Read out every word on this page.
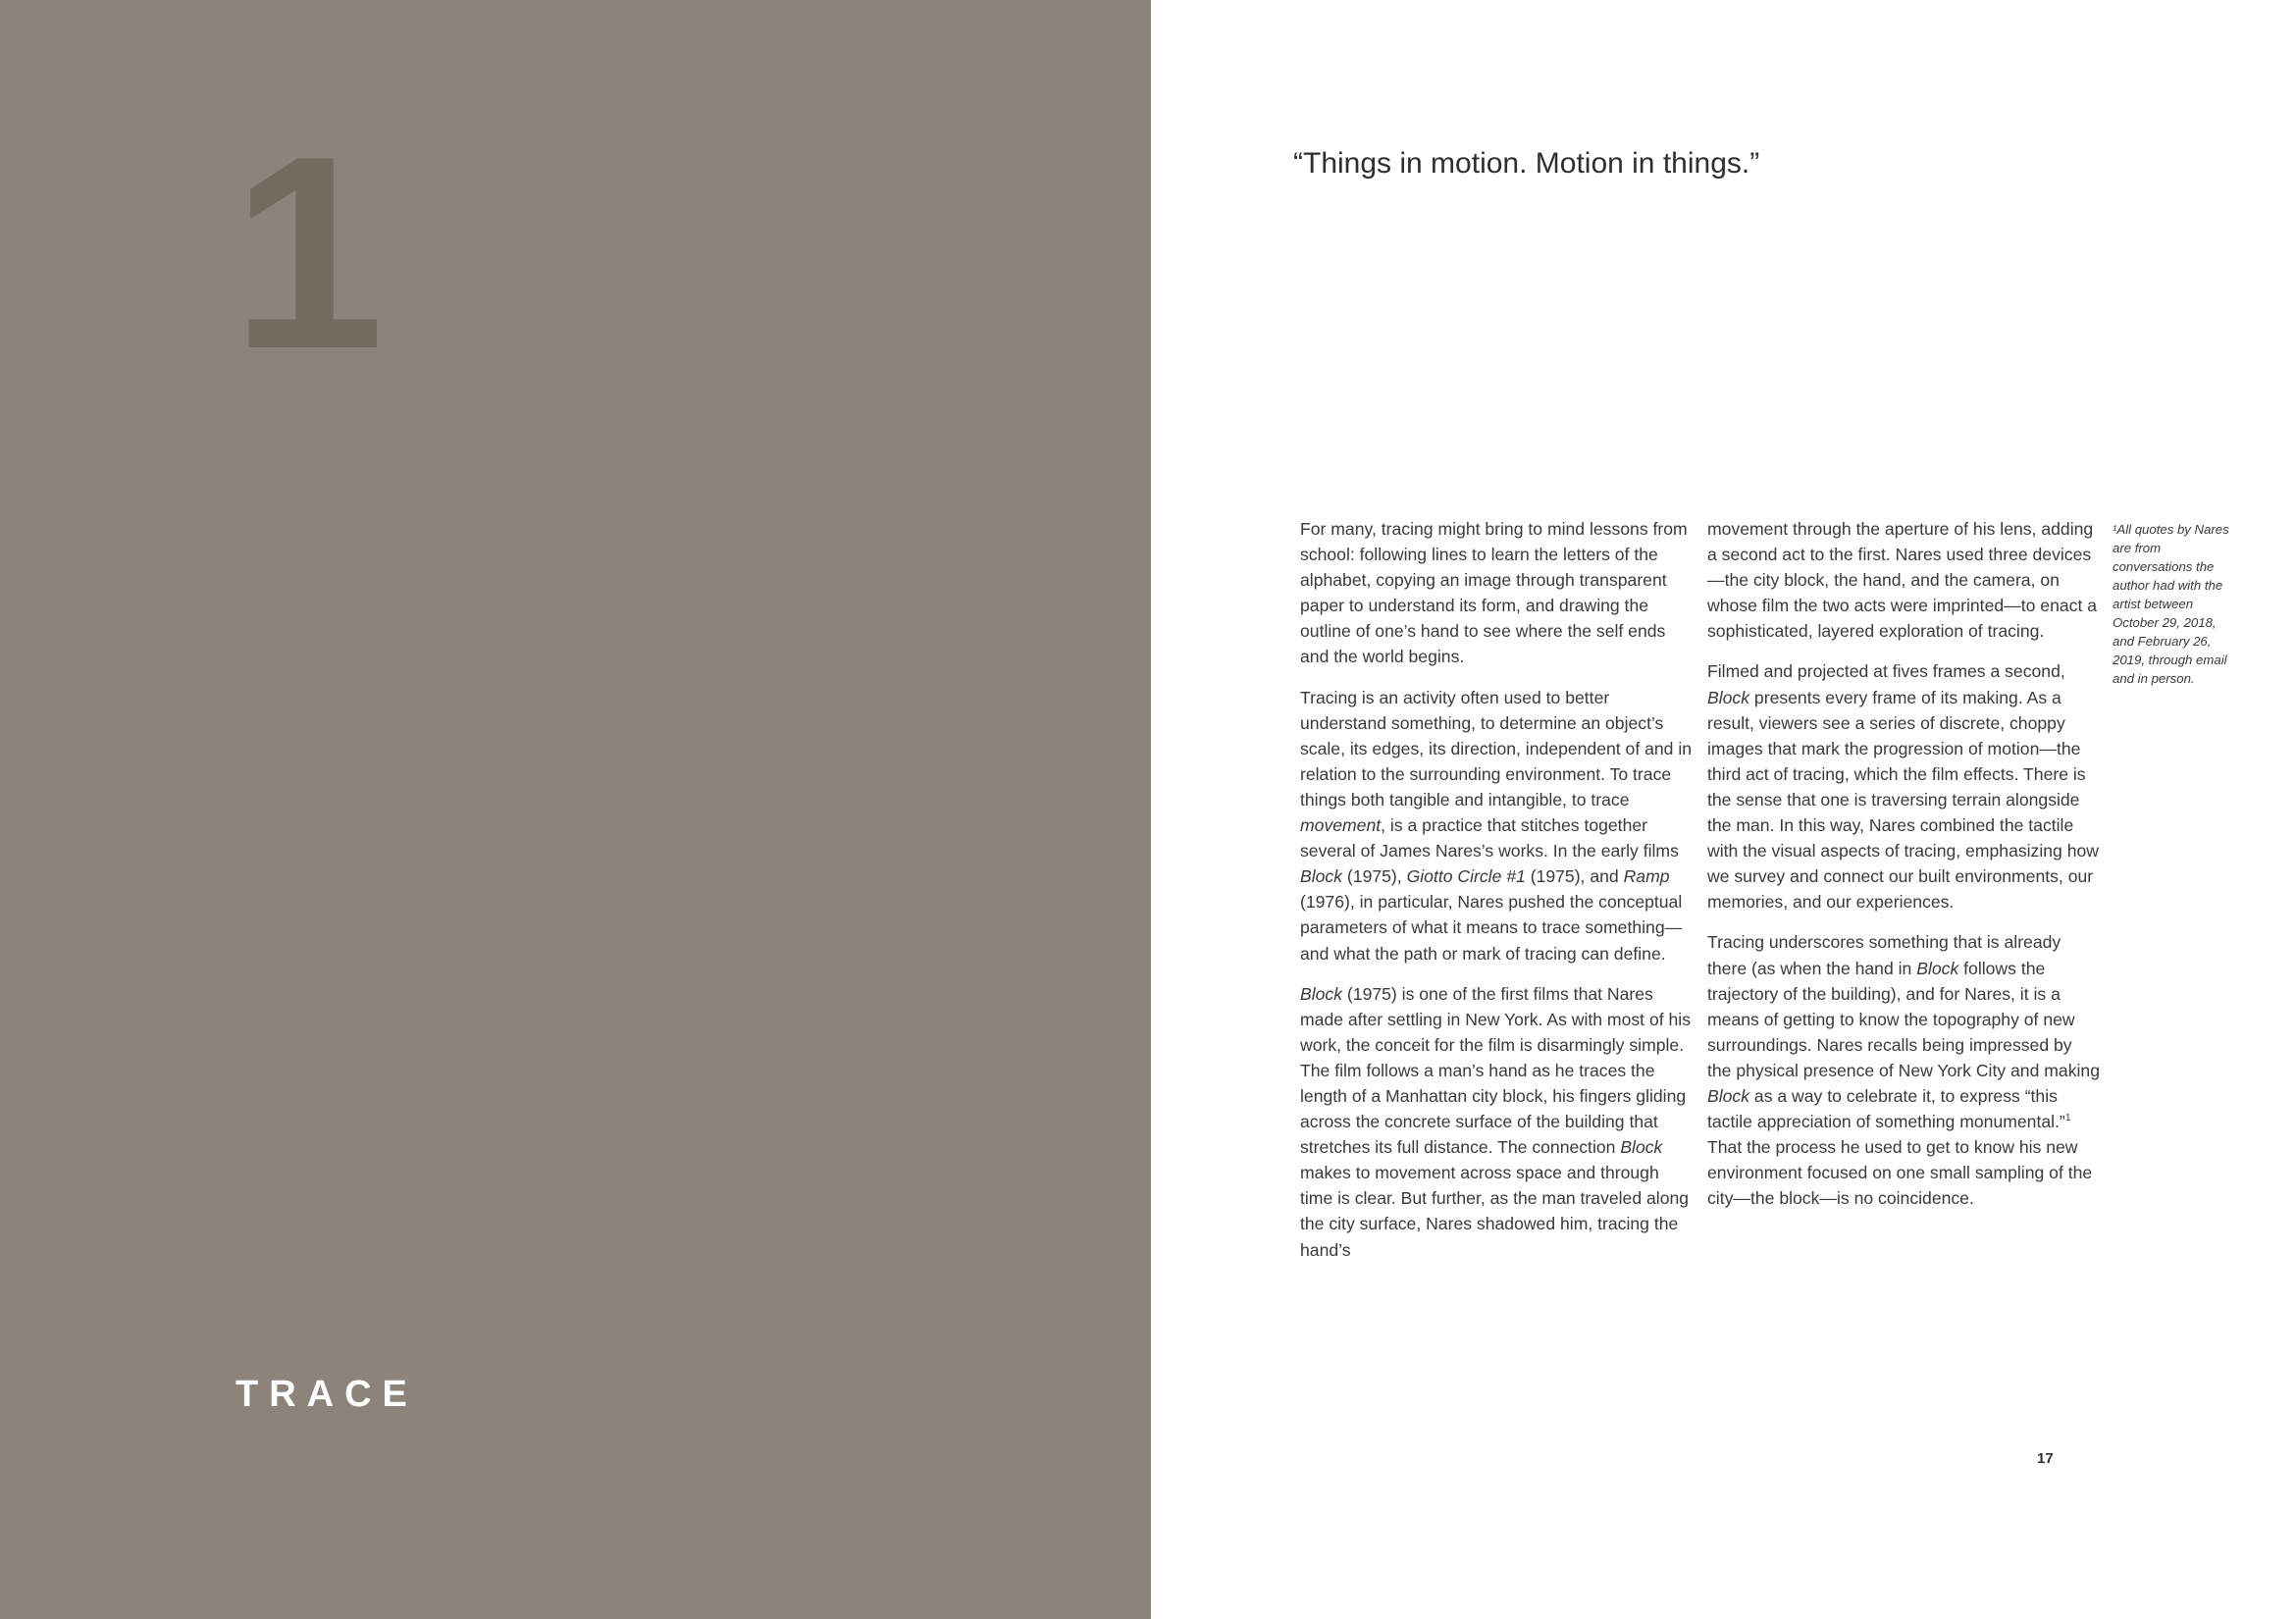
1
TRACE
“Things in motion. Motion in things.”

For many, tracing might bring to mind lessons from school: following lines to learn the letters of the alphabet, copying an image through transparent paper to understand its form, and drawing the outline of one’s hand to see where the self ends and the world begins.

Tracing is an activity often used to better understand something, to determine an object’s scale, its edges, its direction, independent of and in relation to the surrounding environment. To trace things both tangible and intangible, to trace movement, is a practice that stitches together several of James Nares’s works. In the early films Block (1975), Giotto Circle #1 (1975), and Ramp (1976), in particular, Nares pushed the conceptual parameters of what it means to trace something—and what the path or mark of tracing can define.

Block (1975) is one of the first films that Nares made after settling in New York. As with most of his work, the conceit for the film is disarmingly simple. The film follows a man’s hand as he traces the length of a Manhattan city block, his fingers gliding across the concrete surface of the building that stretches its full distance. The connection Block makes to movement across space and through time is clear. But further, as the man traveled along the city surface, Nares shadowed him, tracing the hand’s

movement through the aperture of his lens, adding a second act to the first. Nares used three devices—the city block, the hand, and the camera, on whose film the two acts were imprinted—to enact a sophisticated, layered exploration of tracing.

Filmed and projected at fives frames a second, Block presents every frame of its making. As a result, viewers see a series of discrete, choppy images that mark the progression of motion—the third act of tracing, which the film effects. There is the sense that one is traversing terrain alongside the man. In this way, Nares combined the tactile with the visual aspects of tracing, emphasizing how we survey and connect our built environments, our memories, and our experiences.

Tracing underscores something that is already there (as when the hand in Block follows the trajectory of the building), and for Nares, it is a means of getting to know the topography of new surroundings. Nares recalls being impressed by the physical presence of New York City and making Block as a way to celebrate it, to express “this tactile appreciation of something monumental.”$^1$ That the process he used to get to know his new environment focused on one small sampling of the city—the block—is no coincidence.

¹All quotes by Nares are from conversations the author had with the artist between October 29, 2018, and February 26, 2019, through email and in person.
17
